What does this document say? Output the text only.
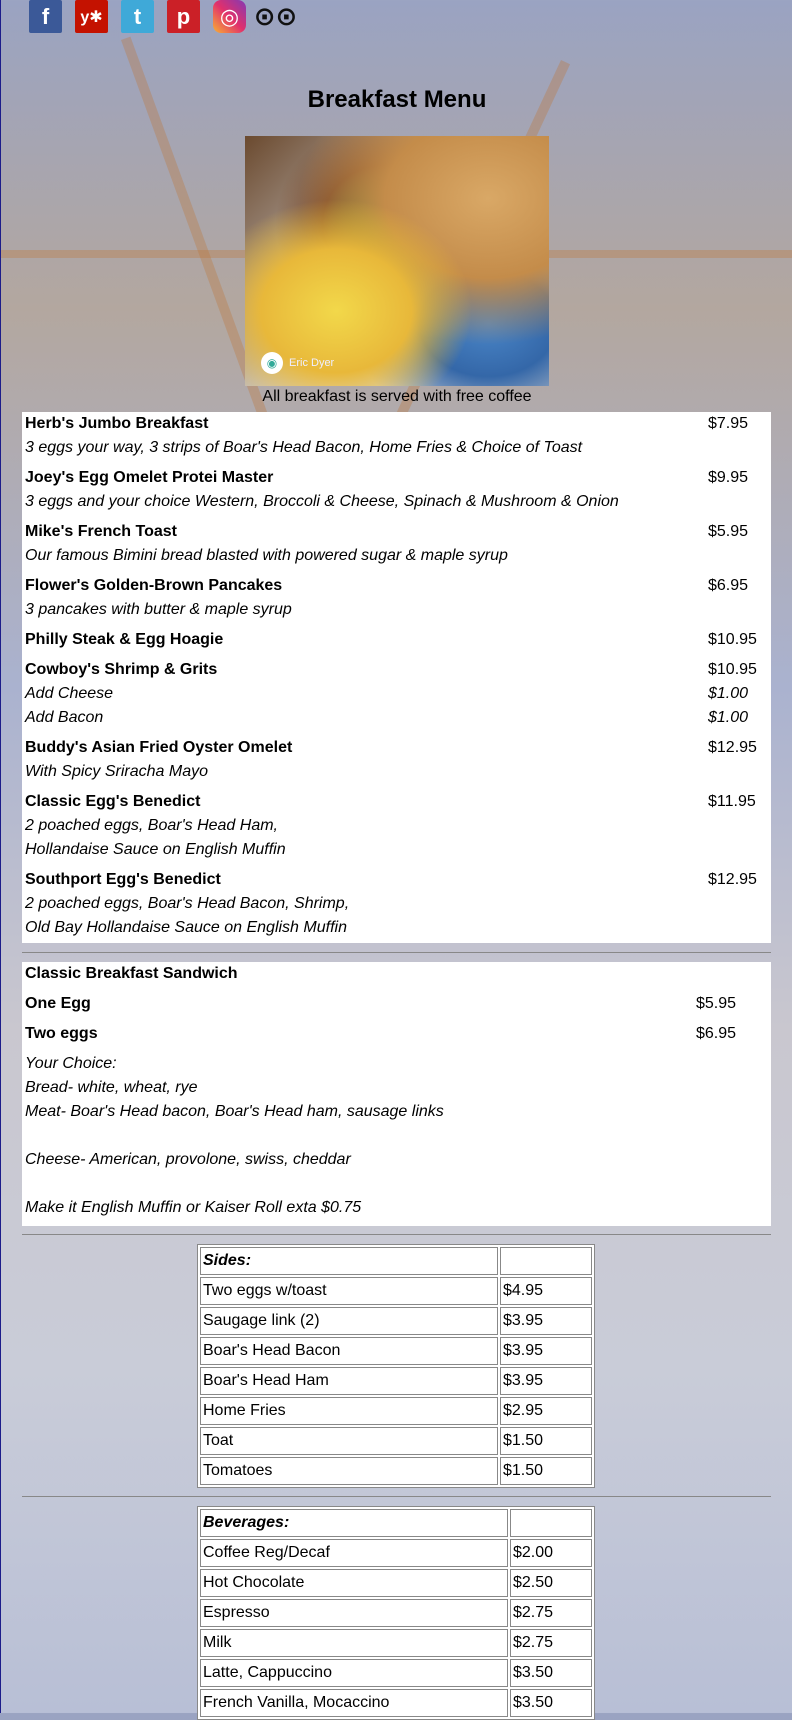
f	y✱	t	p	◎ ⊙⊙
Breakfast Menu
◉	Eric Dyer
All breakfast is served with free coffee
Herb's Jumbo Breakfast	$7.95
3 eggs your way, 3 strips of Boar's Head Bacon, Home Fries & Choice of Toast
Joey's Egg Omelet Protei Master	$9.95
3 eggs and your choice Western, Broccoli & Cheese, Spinach & Mushroom & Onion
Mike's French Toast	$5.95
Our famous Bimini bread blasted with powered sugar & maple syrup
Flower's Golden-Brown Pancakes	$6.95
3 pancakes with butter & maple syrup
Philly Steak & Egg Hoagie	$10.95
Cowboy's Shrimp & Grits	$10.95
Add Cheese	$1.00
Add Bacon	$1.00
Buddy's Asian Fried Oyster Omelet	$12.95
With Spicy Sriracha Mayo
Classic Egg's Benedict	$11.95
2 poached eggs, Boar's Head Ham,
Hollandaise Sauce on English Muffin
Southport Egg's Benedict	$12.95
2 poached eggs, Boar's Head Bacon, Shrimp,
Old Bay Hollandaise Sauce on English Muffin
Classic Breakfast Sandwich
One Egg	$5.95
Two eggs	$6.95
Your Choice:
Bread- white, wheat, rye
Meat- Boar's Head bacon, Boar's Head ham, sausage links
Cheese- American, provolone, swiss, cheddar
Make it English Muffin or Kaiser Roll exta $0.75
Sides:	
Two eggs w/toast	$4.95
Saugage link (2)	$3.95
Boar's Head Bacon	$3.95
Boar's Head Ham	$3.95
Home Fries	$2.95
Toat	$1.50
Tomatoes	$1.50
Beverages:	
Coffee Reg/Decaf	$2.00
Hot Chocolate	$2.50
Espresso	$2.75
Milk	$2.75
Latte, Cappuccino	$3.50
French Vanilla, Mocaccino	$3.50
